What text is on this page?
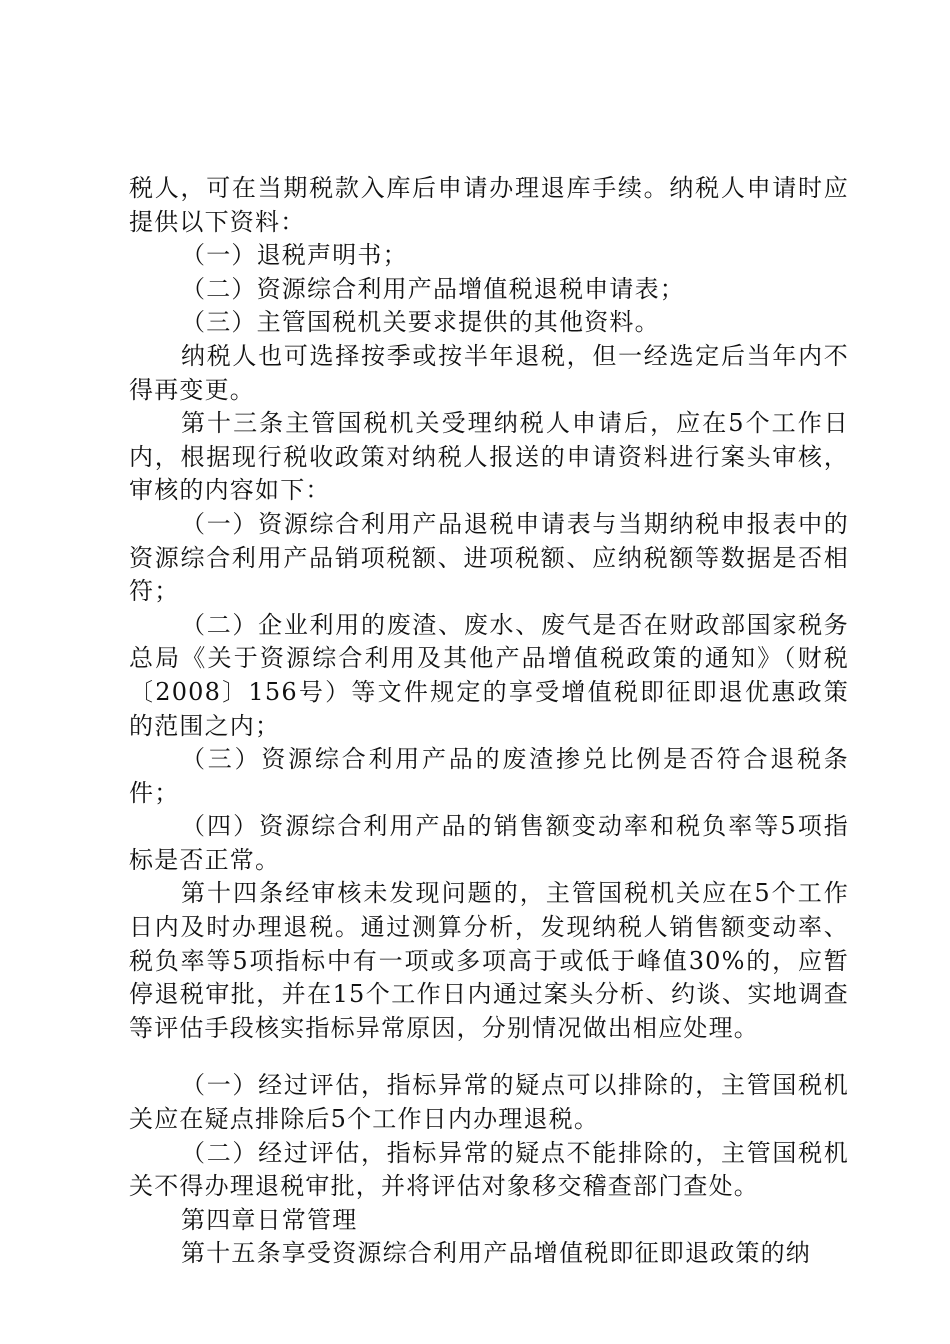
税人，可在当期税款入库后申请办理退库手续。纳税人申请时应提供以下资料：

（一）退税声明书；

（二）资源综合利用产品增值税退税申请表；

（三）主管国税机关要求提供的其他资料。

纳税人也可选择按季或按半年退税，但一经选定后当年内不得再变更。

第十三条主管国税机关受理纳税人申请后，应在5个工作日内，根据现行税收政策对纳税人报送的申请资料进行案头审核，审核的内容如下：

（一）资源综合利用产品退税申请表与当期纳税申报表中的资源综合利用产品销项税额、进项税额、应纳税额等数据是否相符；

（二）企业利用的废渣、废水、废气是否在财政部国家税务总局《关于资源综合利用及其他产品增值税政策的通知》（财税〔2008〕156号）等文件规定的享受增值税即征即退优惠政策的范围之内；

（三）资源综合利用产品的废渣掺兑比例是否符合退税条件；

（四）资源综合利用产品的销售额变动率和税负率等5项指标是否正常。

第十四条经审核未发现问题的，主管国税机关应在5个工作日内及时办理退税。通过测算分析，发现纳税人销售额变动率、税负率等5项指标中有一项或多项高于或低于峰值30%的，应暂停退税审批，并在15个工作日内通过案头分析、约谈、实地调查等评估手段核实指标异常原因，分别情况做出相应处理。

（一）经过评估，指标异常的疑点可以排除的，主管国税机关应在疑点排除后5个工作日内办理退税。

（二）经过评估，指标异常的疑点不能排除的，主管国税机关不得办理退税审批，并将评估对象移交稽查部门查处。

第四章日常管理

第十五条享受资源综合利用产品增值税即征即退政策的纳
